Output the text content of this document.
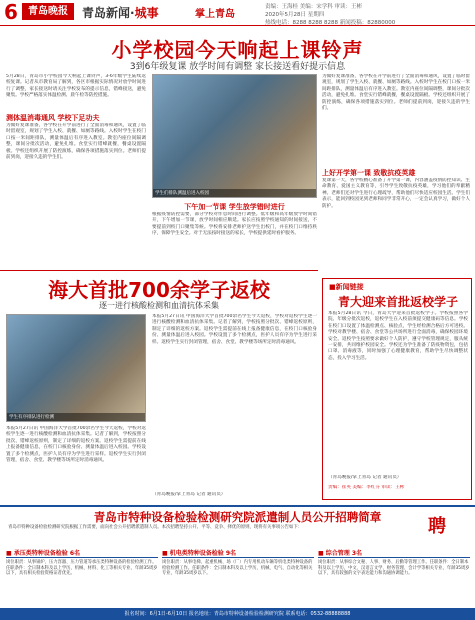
6	青岛晚报	青岛新闻·城事	掌上青岛
责编：王海桂 美编：宋学科 审读：王彬
2020年5月28日 星期四
热线电话：8288 8288 8288 新闻投稿：82880000
小学校园今天响起上课铃声
3到6年级复课 放学时间有调整 家长接送看好提示信息
5月28日，青岛市小学校园今天响起上课铃声，3-6年级学生陆续返校复课。记者从市教育局了解到，各区市根据实际情况对放学时间进行了调整，家长接送时请关注学校发布的提示信息，错峰接送，避免聚集。学校严格落实体温检测、晨午检等防控措施。
测体温消毒通风 学校下足功夫
为做好复课准备，各学校在开学前进行了全面消毒和通风，设置了临时留观室，规划了学生入校、就餐、如厕等路线。入校时学生在校门口按一米间距排队，测量体温后有序进入教室。教室内座位间隔调整，课间分批次活动，避免扎堆。食堂实行错峰就餐，餐桌设置隔板。学校还组织开展了防控演练，确保各项措施落实到位。老师们提前到岗，迎接久违的学生们。
学生们排队测温后进入校园
下午加一节课 学生放学错时进行
根据疫情防控需要，部分学校对作息时间进行调整。低年级和高年级放学时间错开，下午增加一节课，放学时间相应顺延。家长应按照学校通知的时间接送，不要提前到校门口聚集等候。学校将安排老师护送学生出校门，并在校门口维持秩序，保障学生安全。对于无法按时接送的家长，学校提供延时看护服务。
为做好复课准备，各学校在开学前进行了全面消毒和通风，设置了临时留观室，规划了学生入校、就餐、如厕等路线。入校时学生在校门口按一米间距排队，测量体温后有序进入教室。教室内座位间隔调整，课间分批次活动，避免扎堆。食堂实行错峰就餐，餐桌设置隔板。学校还组织开展了防控演练，确保各项措施落实到位。老师们提前到岗，迎接久违的学生们。
上好开学第一课 致敬抗疫英雄
复课第一天，各学校精心准备了开学第一课，内容涵盖疫情防控知识、生命教育、爱国主义教育等，引导学生致敬抗疫英雄，学习他们的奉献精神。老师们还对学生进行心理疏导，帮助他们尽快适应校园生活。学生们表示，能回到校园见到老师和同学非常开心，一定会认真学习，做好个人防护。
海大首批700余学子返校
逐一进行核酸检测和血清抗体采集
学生有序排队进行检测
本报5月27日讯 中国海洋大学首批700余名学生今天返校，学校对返校学生逐一进行核酸检测和血清抗体采集。记者了解到，学校按照分批次、错峰返校原则，制定了详细的返校方案。返校学生需提前在线上报备健康信息，在校门口核验身份、测量体温后进入校园。学校设置了多个检测点，医护人员有序为学生进行采样。返校学生实行封闭管理，宿舍、食堂、教学楼等场所定时消毒通风。
本报5月27日讯 中国海洋大学首批700余名学生今天返校，学校对返校学生逐一进行核酸检测和血清抗体采集。记者了解到，学校按照分批次、错峰返校原则，制定了详细的返校方案。返校学生需提前在线上报备健康信息，在校门口核验身份、测量体温后进入校园。学校设置了多个检测点，医护人员有序为学生进行采样。返校学生实行封闭管理，宿舍、食堂、教学楼等场所定时消毒通风。
（青岛晚报/掌上青岛 记者 通讯员）
■新闻链接
青大迎来首批返校学子
本报5月28日讯 今日，青岛大学迎来首批返校学子。学校按照各学院、年级分批次返校，返校学生在入校前须提交健康码等信息。学校在校门口设置了体温检测点、核验点，学生经检测合格后方可进校。学校对教学楼、宿舍、食堂等公共场所进行全面消毒，确保校园环境安全。返校学生按照要求做好个人防护，遵守学校管理规定，服从统一安排，共同维护校园安全。学校还为学生准备了防疫物资包，包括口罩、消毒液等，同时加强了心理健康教育，帮助学生尽快调整状态，投入学习生活。
（青岛晚报/掌上青岛 记者 通讯员）
责编：崔英 美编：李红芬 审读：王彬
青岛市特种设备检验检测研究院派遣制人员公开招聘简章	聘
青岛市特种设备检验检测研究院根据工作需要，面向社会公开招聘派遣制人员。本次招聘坚持公开、平等、竞争、择优的原则，现将有关事项公告如下：
■ 承压类特种设备检验 6名
岗位职责：从事锅炉、压力容器、压力管道等承压类特种设备的检验检测工作。任职条件：全日制本科及以上学历，机械、材料、化工等相关专业，年龄35周岁以下，具有相关检验资格证者优先。
■ 机电类特种设备检验 9名
岗位职责：从事电梯、起重机械、场（厂）内专用机动车辆等机电类特种设备的检验检测工作。任职条件：全日制本科及以上学历，机械、电气、自动化等相关专业，年龄35周岁以下。
■ 综合管理 3名
岗位职责：从事综合文秘、人事、财务、后勤等管理工作。任职条件：全日制本科及以上学历，中文、汉语言文学、财务管理、会计学等相关专业，年龄35周岁以下，具有较强的文字表达能力和沟通协调能力。
报名时间：6月1日-6月10日 报名地址：青岛市特种设备检验检测研究院 联系电话：0532-88888888
